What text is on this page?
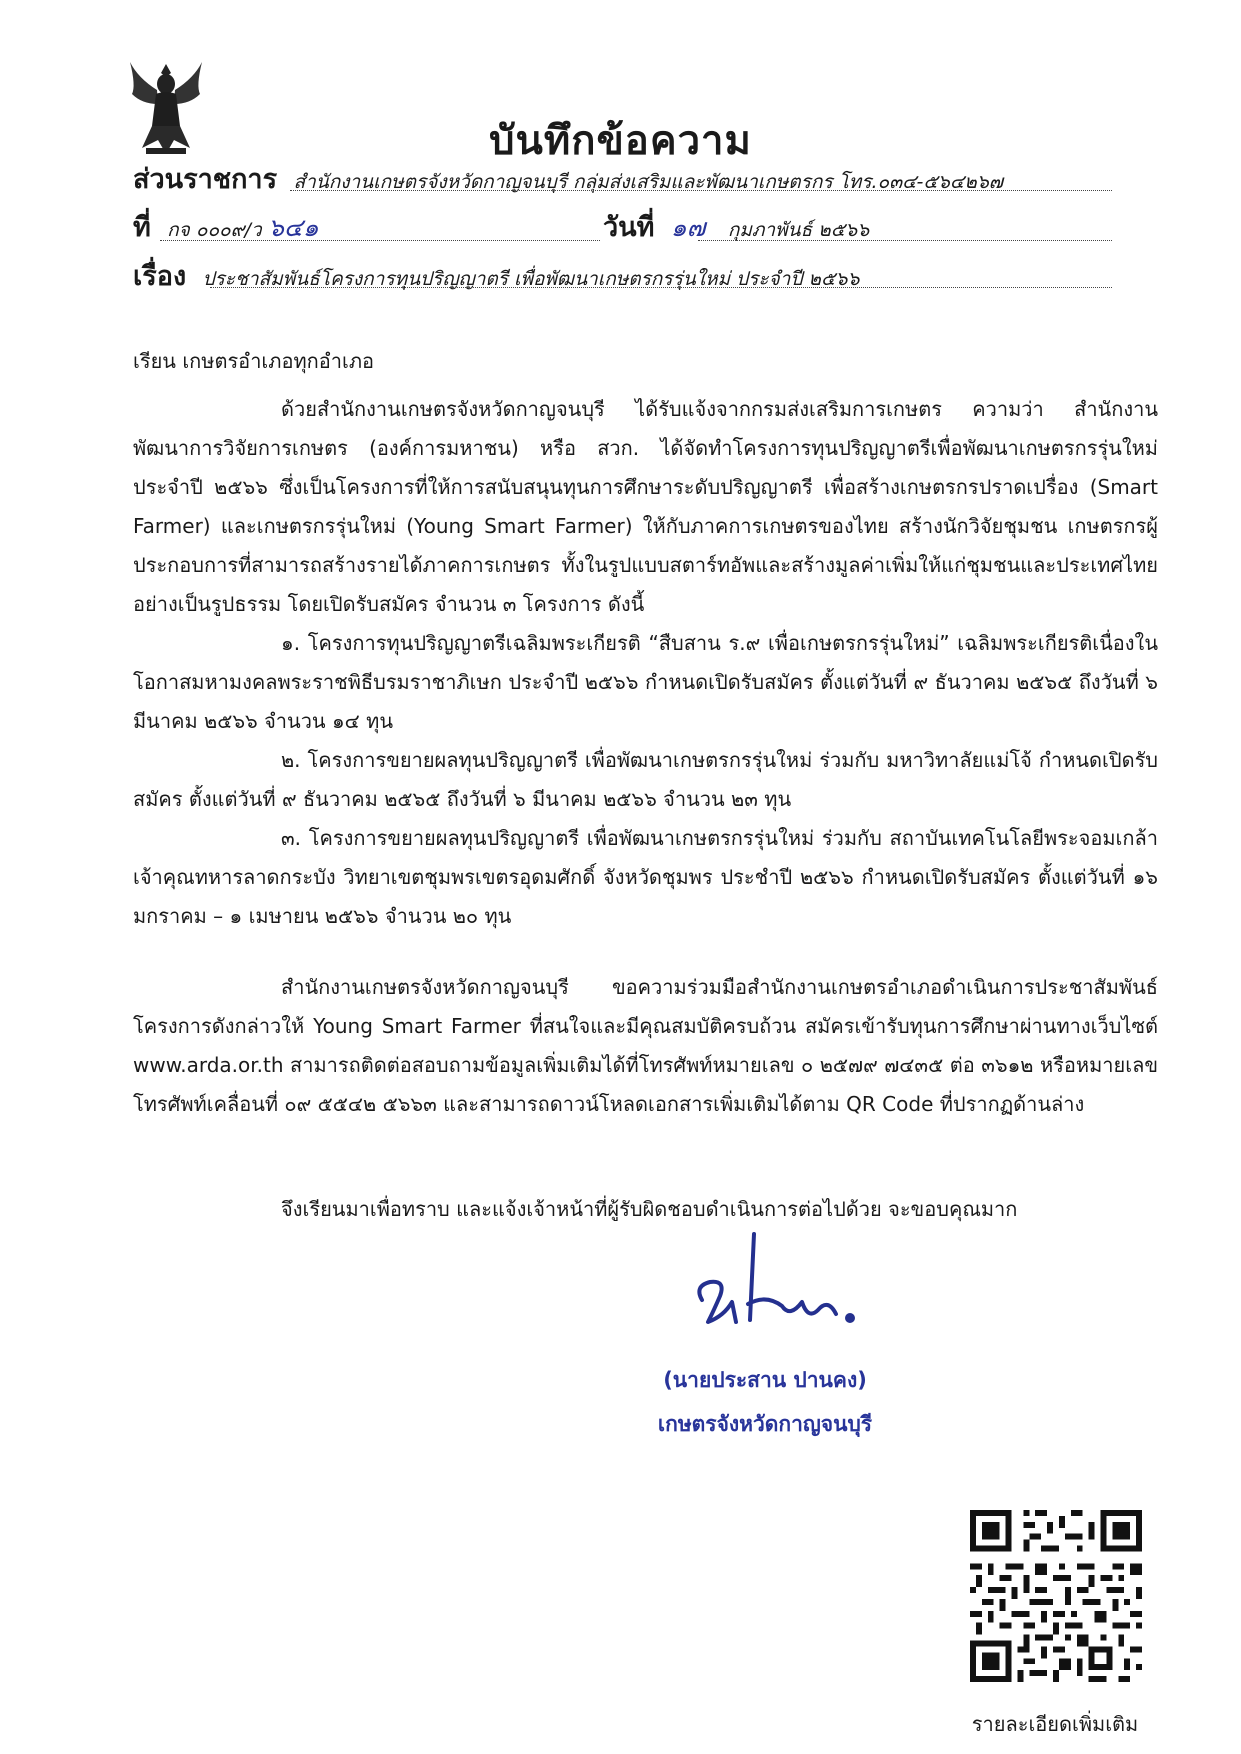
บันทึกข้อความ
ส่วนราชการ สำนักงานเกษตรจังหวัดกาญจนบุรี กลุ่มส่งเสริมและพัฒนาเกษตรกร โทร.๐๓๔-๕๖๔๒๖๗
ที่ กจ ๐๐๐๙/ว ๖๔๑	วันที่ ๑๗ กุมภาพันธ์ ๒๕๖๖
เรื่อง ประชาสัมพันธ์โครงการทุนปริญญาตรี เพื่อพัฒนาเกษตรกรรุ่นใหม่ ประจำปี ๒๕๖๖
เรียน เกษตรอำเภอทุกอำเภอ

ด้วยสำนักงานเกษตรจังหวัดกาญจนบุรี ได้รับแจ้งจากกรมส่งเสริมการเกษตร ความว่า สำนักงานพัฒนาการวิจัยการเกษตร (องค์การมหาชน) หรือ สวก. ได้จัดทำโครงการทุนปริญญาตรีเพื่อพัฒนาเกษตรกรรุ่นใหม่ ประจำปี ๒๕๖๖ ซึ่งเป็นโครงการที่ให้การสนับสนุนทุนการศึกษาระดับปริญญาตรี เพื่อสร้างเกษตรกรปราดเปรื่อง (Smart Farmer) และเกษตรกรรุ่นใหม่ (Young Smart Farmer) ให้กับภาคการเกษตรของไทย สร้างนักวิจัยชุมชน เกษตรกรผู้ประกอบการที่สามารถสร้างรายได้ภาคการเกษตร ทั้งในรูปแบบสตาร์ทอัพและสร้างมูลค่าเพิ่มให้แก่ชุมชนและประเทศไทยอย่างเป็นรูปธรรม โดยเปิดรับสมัคร จำนวน ๓ โครงการ ดังนี้

๑. โครงการทุนปริญญาตรีเฉลิมพระเกียรติ “สืบสาน ร.๙ เพื่อเกษตรกรรุ่นใหม่” เฉลิมพระเกียรติเนื่องในโอกาสมหามงคลพระราชพิธีบรมราชาภิเษก ประจำปี ๒๕๖๖ กำหนดเปิดรับสมัคร ตั้งแต่วันที่ ๙ ธันวาคม ๒๕๖๕ ถึงวันที่ ๖ มีนาคม ๒๕๖๖ จำนวน ๑๔ ทุน

๒. โครงการขยายผลทุนปริญญาตรี เพื่อพัฒนาเกษตรกรรุ่นใหม่ ร่วมกับ มหาวิทาลัยแม่โจ้ กำหนดเปิดรับสมัคร ตั้งแต่วันที่ ๙ ธันวาคม ๒๕๖๕ ถึงวันที่ ๖ มีนาคม ๒๕๖๖ จำนวน ๒๓ ทุน

๓. โครงการขยายผลทุนปริญญาตรี เพื่อพัฒนาเกษตรกรรุ่นใหม่ ร่วมกับ สถาบันเทคโนโลยีพระจอมเกล้าเจ้าคุณทหารลาดกระบัง วิทยาเขตชุมพรเขตรอุดมศักดิ์ จังหวัดชุมพร ประชำปี ๒๕๖๖ กำหนดเปิดรับสมัคร ตั้งแต่วันที่ ๑๖ มกราคม – ๑ เมษายน ๒๕๖๖ จำนวน ๒๐ ทุน

สำนักงานเกษตรจังหวัดกาญจนบุรี ขอความร่วมมือสำนักงานเกษตรอำเภอดำเนินการประชาสัมพันธ์โครงการดังกล่าวให้ Young Smart Farmer ที่สนใจและมีคุณสมบัติครบถ้วน สมัครเข้ารับทุนการศึกษาผ่านทางเว็บไซต์ www.arda.or.th สามารถติดต่อสอบถามข้อมูลเพิ่มเติมได้ที่โทรศัพท์หมายเลข ๐ ๒๕๗๙ ๗๔๓๕ ต่อ ๓๖๑๒ หรือหมายเลขโทรศัพท์เคลื่อนที่ ๐๙ ๕๕๔๒ ๕๖๖๓ และสามารถดาวน์โหลดเอกสารเพิ่มเติมได้ตาม QR Code ที่ปรากฏด้านล่าง

จึงเรียนมาเพื่อทราบ และแจ้งเจ้าหน้าที่ผู้รับผิดชอบดำเนินการต่อไปด้วย จะขอบคุณมาก

(นายประสาน ปานคง)
เกษตรจังหวัดกาญจนบุรี
รายละเอียดเพิ่มเติม
